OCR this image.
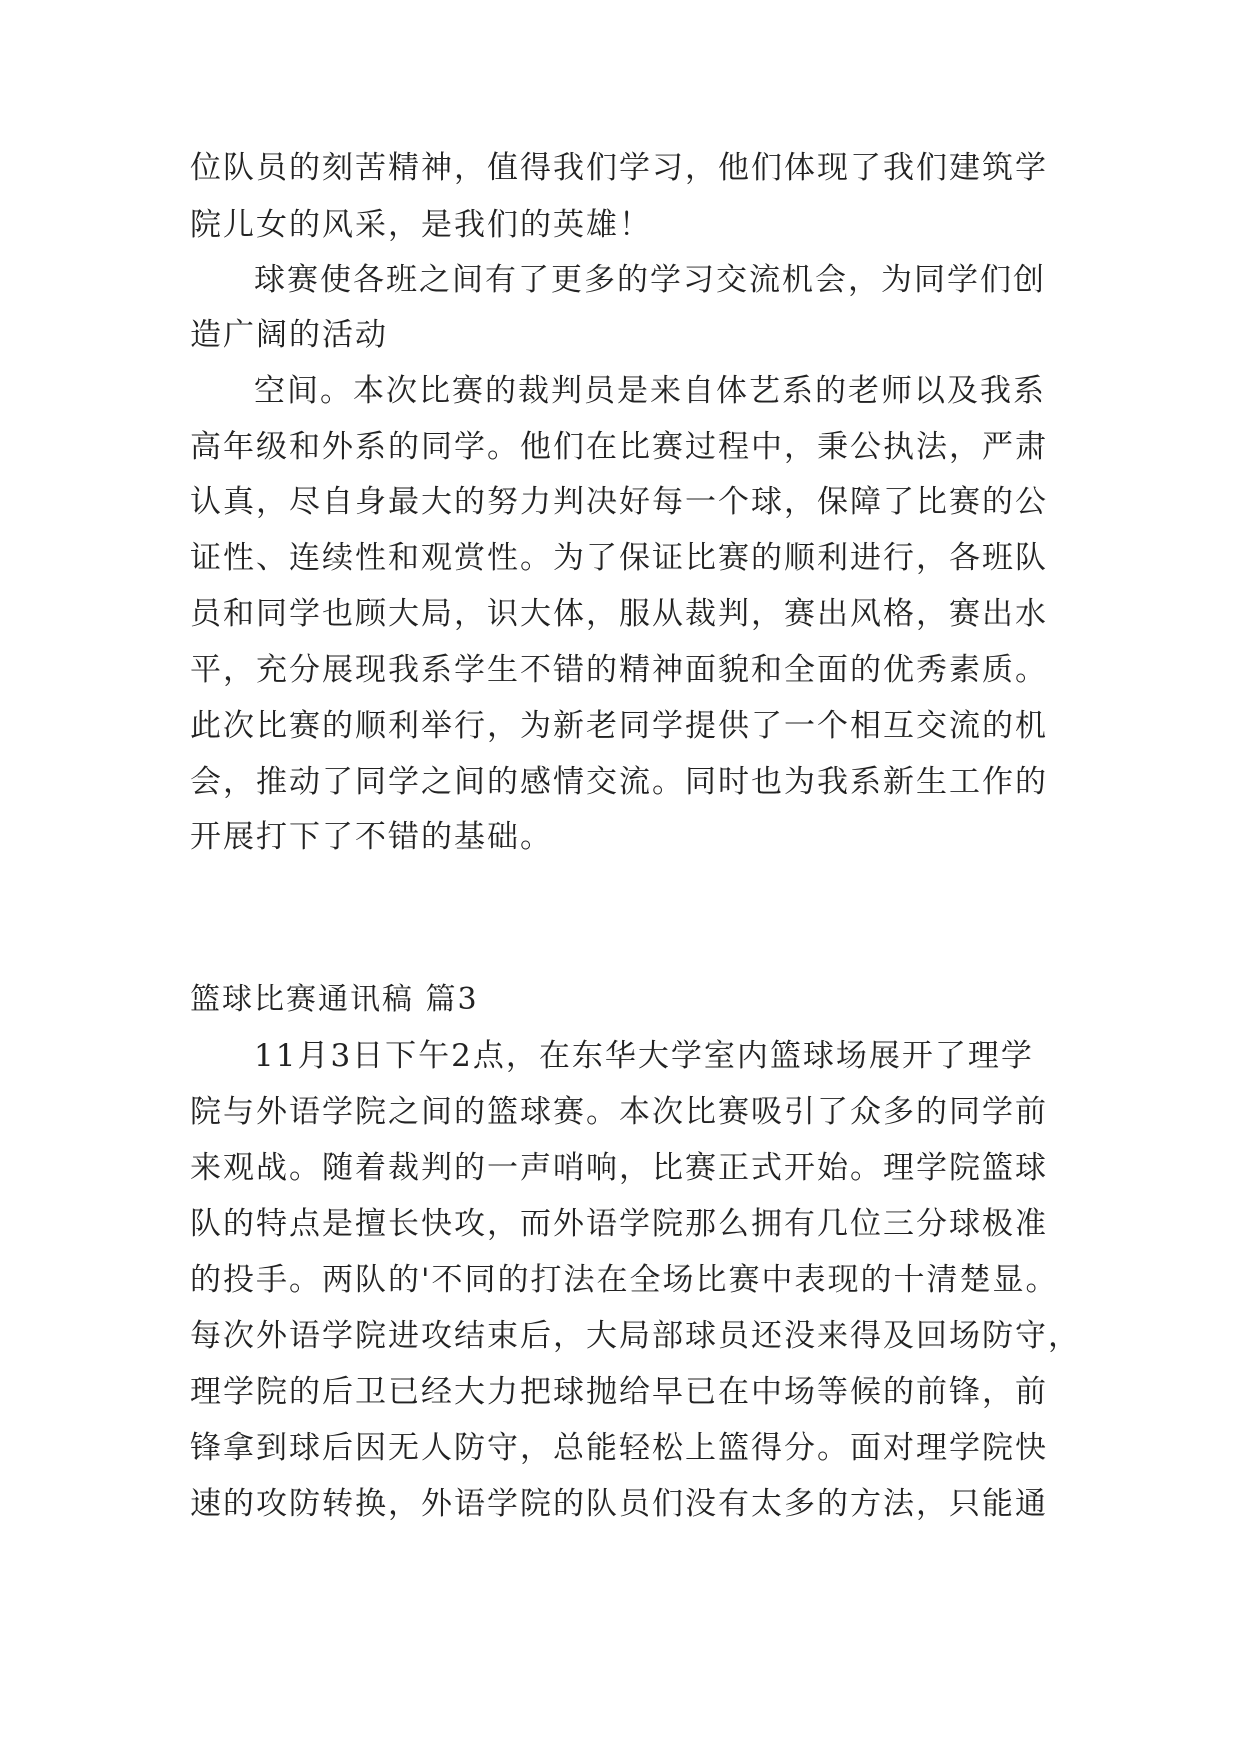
位队员的刻苦精神，值得我们学习，他们体现了我们建筑学
院儿女的风采，是我们的英雄！
球赛使各班之间有了更多的学习交流机会，为同学们创
造广阔的活动
空间。本次比赛的裁判员是来自体艺系的老师以及我系
高年级和外系的同学。他们在比赛过程中，秉公执法，严肃
认真，尽自身最大的努力判决好每一个球，保障了比赛的公
证性、连续性和观赏性。为了保证比赛的顺利进行，各班队
员和同学也顾大局，识大体，服从裁判，赛出风格，赛出水
平，充分展现我系学生不错的精神面貌和全面的优秀素质。
此次比赛的顺利举行，为新老同学提供了一个相互交流的机
会，推动了同学之间的感情交流。同时也为我系新生工作的
开展打下了不错的基础。
篮球比赛通讯稿 篇3
11月3日下午2点，在东华大学室内篮球场展开了理学
院与外语学院之间的篮球赛。本次比赛吸引了众多的同学前
来观战。随着裁判的一声哨响，比赛正式开始。理学院篮球
队的特点是擅长快攻，而外语学院那么拥有几位三分球极准
的投手。两队的'不同的打法在全场比赛中表现的十清楚显。
每次外语学院进攻结束后，大局部球员还没来得及回场防守，
理学院的后卫已经大力把球抛给早已在中场等候的前锋，前
锋拿到球后因无人防守，总能轻松上篮得分。面对理学院快
速的攻防转换，外语学院的队员们没有太多的方法，只能通
